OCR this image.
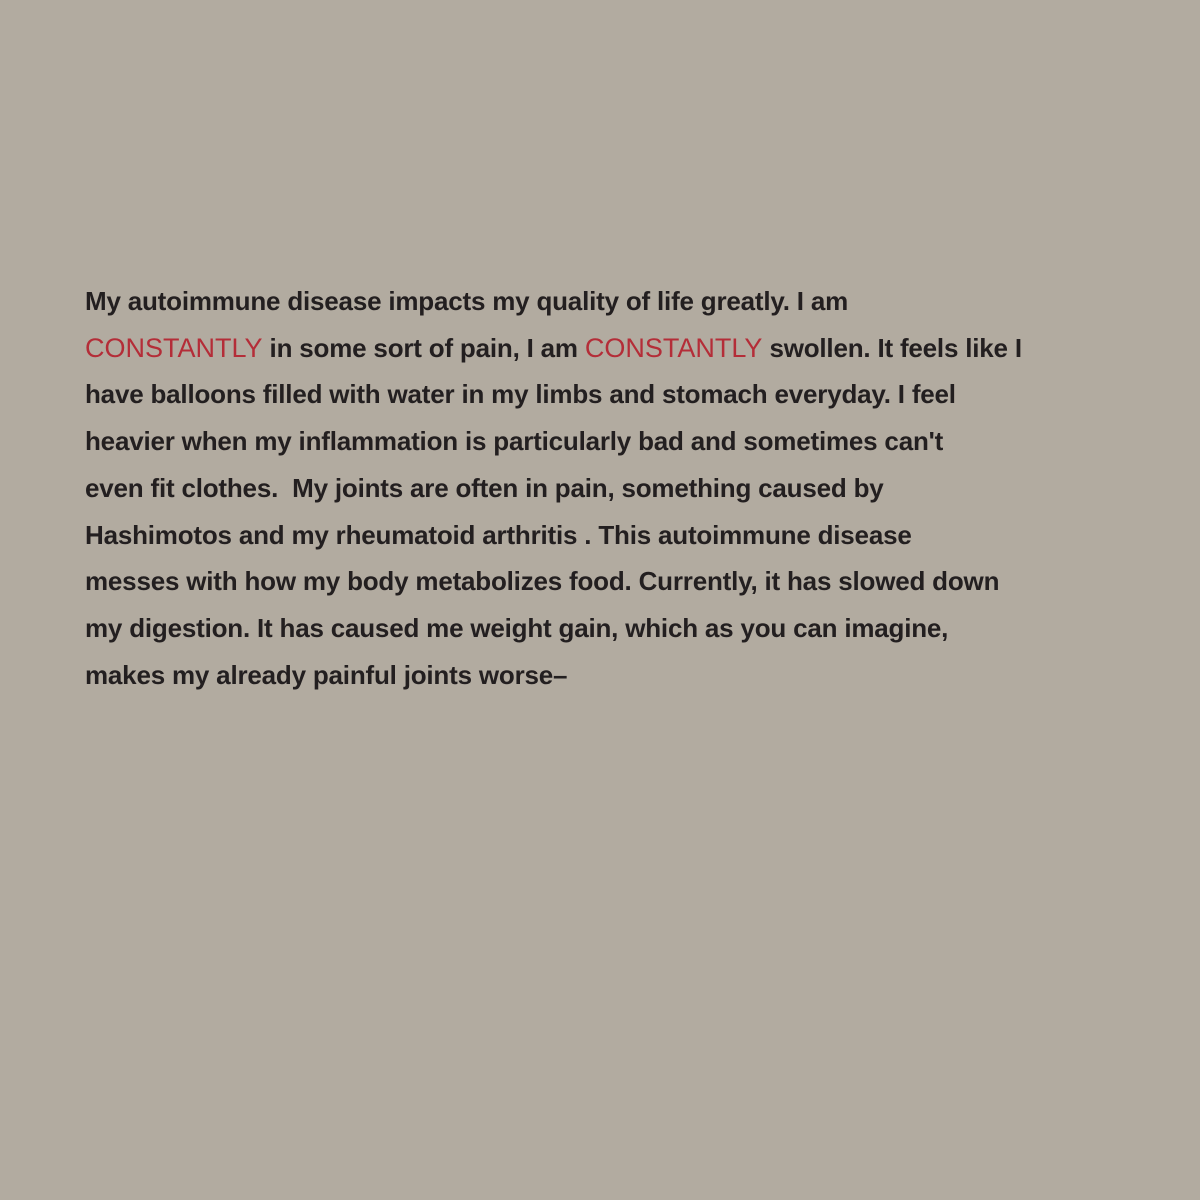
My autoimmune disease impacts my quality of life greatly. I am
CONSTANTLY in some sort of pain, I am CONSTANTLY swollen. It feels like I
have balloons filled with water in my limbs and stomach everyday. I feel
heavier when my inflammation is particularly bad and sometimes can't
even fit clothes.  My joints are often in pain, something caused by
Hashimotos and my rheumatoid arthritis . This autoimmune disease
messes with how my body metabolizes food. Currently, it has slowed down
my digestion. It has caused me weight gain, which as you can imagine,
makes my already painful joints worse–
